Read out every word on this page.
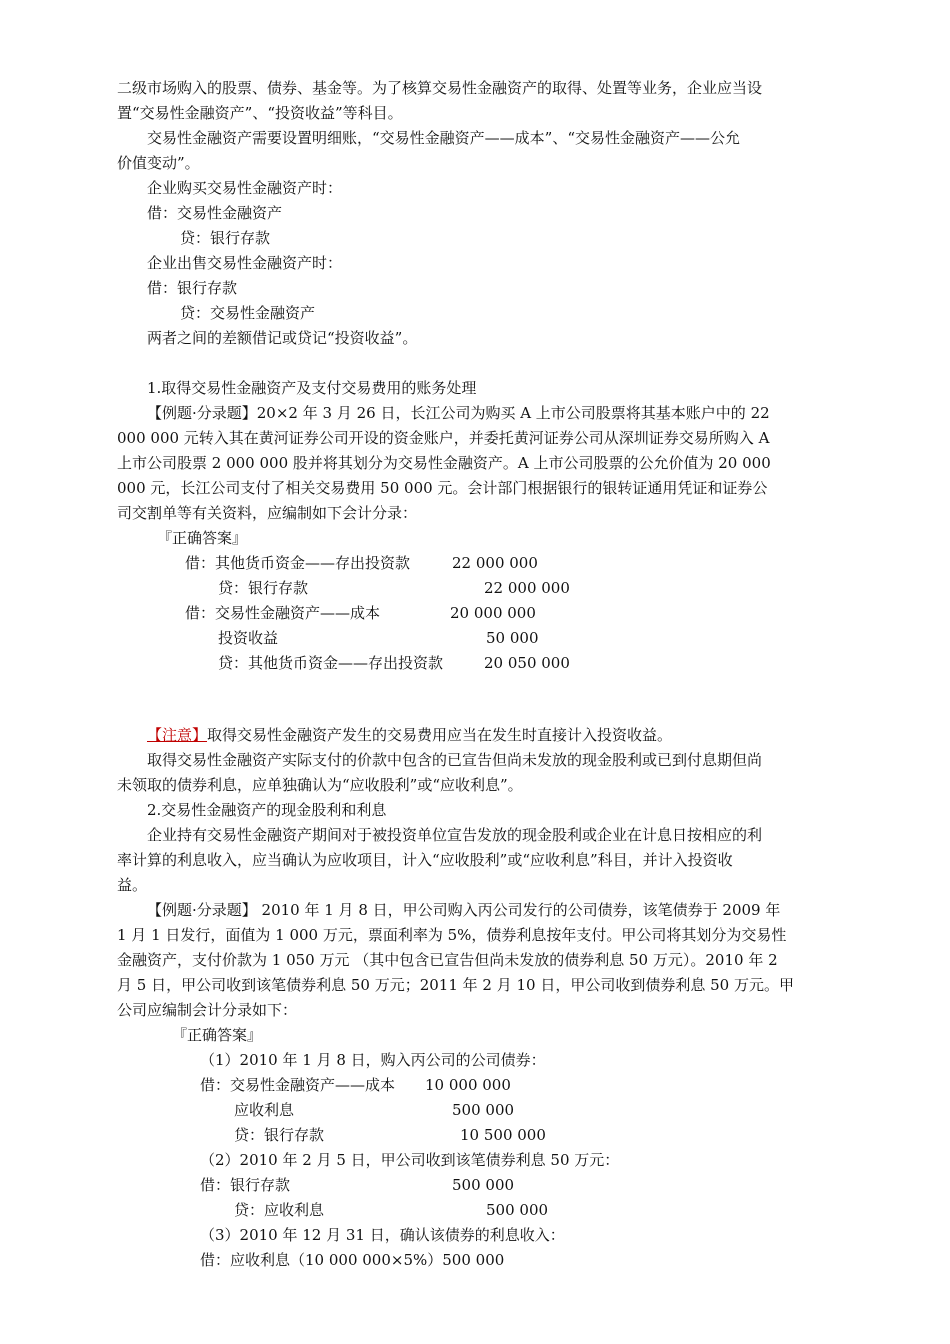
二级市场购入的股票、债券、基金等。为了核算交易性金融资产的取得、处置等业务，企业应当设
置“交易性金融资产”、“投资收益”等科目。
交易性金融资产需要设置明细账，“交易性金融资产——成本”、“交易性金融资产——公允
价值变动”。
企业购买交易性金融资产时：
借：交易性金融资产
贷：银行存款
企业出售交易性金融资产时：
借：银行存款
贷：交易性金融资产
两者之间的差额借记或贷记“投资收益”。
1.取得交易性金融资产及支付交易费用的账务处理
【例题·分录题】20×2 年 3 月 26 日，长江公司为购买 A 上市公司股票将其基本账户中的 22
000 000 元转入其在黄河证券公司开设的资金账户，并委托黄河证券公司从深圳证券交易所购入 A
上市公司股票 2 000 000 股并将其划分为交易性金融资产。A 上市公司股票的公允价值为 20 000
000 元，长江公司支付了相关交易费用 50 000 元。会计部门根据银行的银转证通用凭证和证券公
司交割单等有关资料，应编制如下会计分录：
『正确答案』
借：其他货币资金——存出投资款	22 000 000
贷：银行存款	22 000 000
借：交易性金融资产——成本	20 000 000
投资收益	50 000
贷：其他货币资金——存出投资款	20 050 000
【注意】取得交易性金融资产发生的交易费用应当在发生时直接计入投资收益。
取得交易性金融资产实际支付的价款中包含的已宣告但尚未发放的现金股利或已到付息期但尚
未领取的债券利息，应单独确认为“应收股利”或“应收利息”。
2.交易性金融资产的现金股利和利息
企业持有交易性金融资产期间对于被投资单位宣告发放的现金股利或企业在计息日按相应的利
率计算的利息收入，应当确认为应收项目，计入“应收股利”或“应收利息”科目，并计入投资收
益。
【例题·分录题】 2010 年 1 月 8 日，甲公司购入丙公司发行的公司债券，该笔债券于 2009 年
1 月 1 日发行，面值为 1 000 万元，票面利率为 5%，债券利息按年支付。甲公司将其划分为交易性
金融资产，支付价款为 1 050 万元 （其中包含已宣告但尚未发放的债券利息 50 万元）。2010 年 2
月 5 日，甲公司收到该笔债券利息 50 万元；2011 年 2 月 10 日，甲公司收到债券利息 50 万元。甲
公司应编制会计分录如下：
『正确答案』
（1）2010 年 1 月 8 日，购入丙公司的公司债券：
借：交易性金融资产——成本 10 000 000
应收利息	500 000
贷：银行存款	10 500 000
（2）2010 年 2 月 5 日，甲公司收到该笔债券利息 50 万元：
借：银行存款	500 000
贷：应收利息	500 000
（3）2010 年 12 月 31 日，确认该债券的利息收入：
借：应收利息（10 000 000×5%）500 000
